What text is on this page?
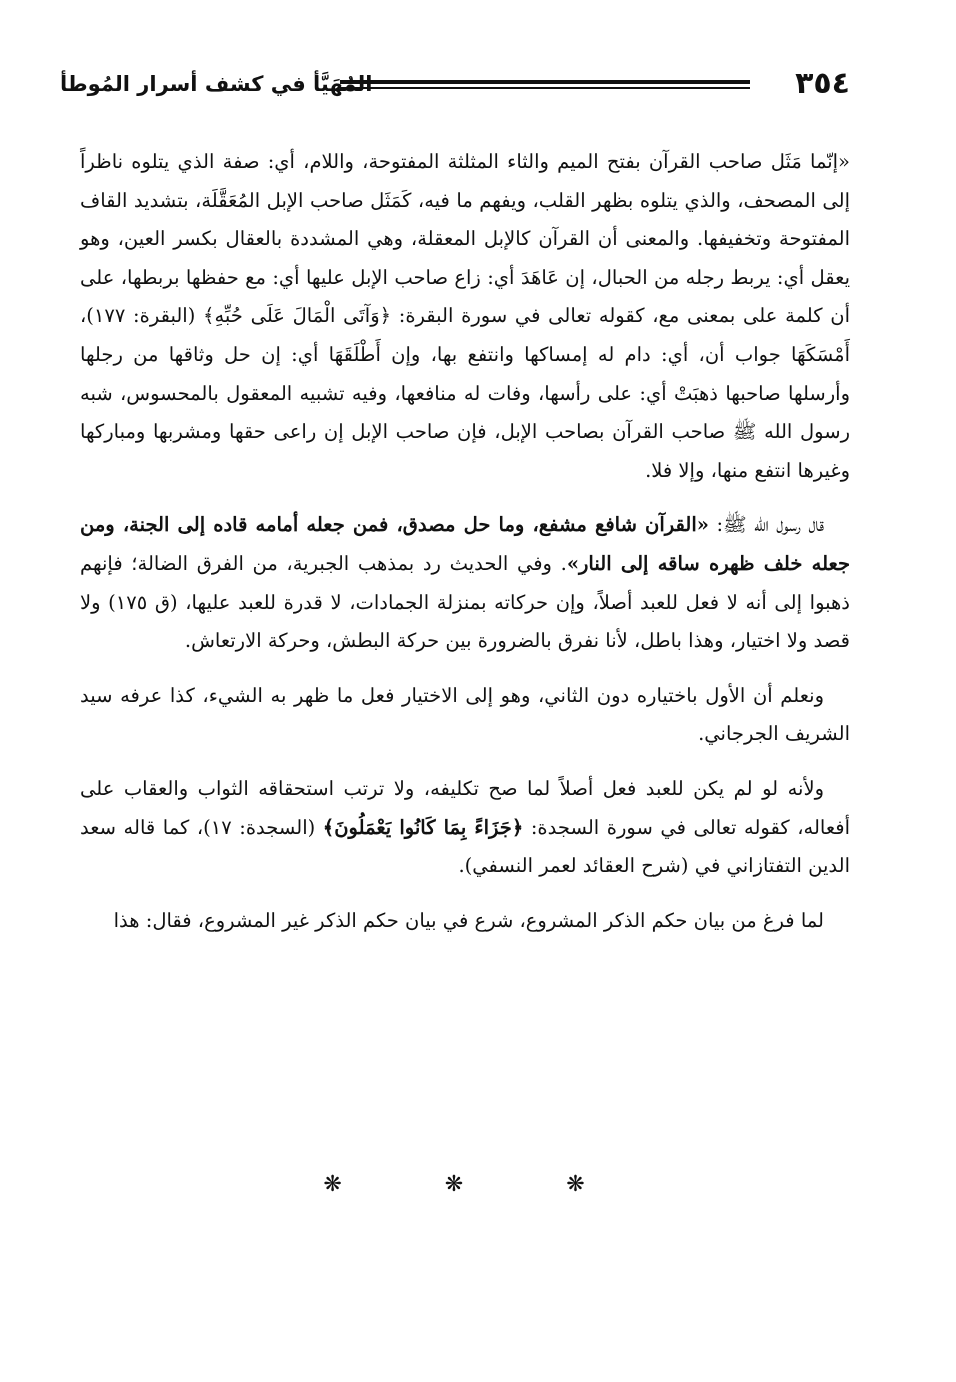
٣٥٤
المُهَيَّأ في كشف أسرار المُوطأ

«إنّما مَثَل صاحب القرآن بفتح الميم والثاء المثلثة المفتوحة، واللام، أي: صفة الذي يتلوه ناظراً إلى المصحف، والذي يتلوه بظهر القلب، ويفهم ما فيه، كَمَثَل صاحب الإبل المُعَقَّلَة، بتشديد القاف المفتوحة وتخفيفها. والمعنى أن القرآن كالإبل المعقلة، وهي المشددة بالعقال بكسر العين، وهو يعقل أي: يربط رجله من الحبال، إن عَاهَدَ أي: زاع صاحب الإبل عليها أي: مع حفظها بربطها، على أن كلمة على بمعنى مع، كقوله تعالى في سورة البقرة: ﴿وَآتَى الْمَالَ عَلَى حُبِّهِ﴾ (البقرة: ١٧٧)، أَمْسَكَهَا جواب أن، أي: دام له إمساكها وانتفع بها، وإن أَطْلَقَهَا أي: إن حل وثاقها من رجلها وأرسلها صاحبها ذهبَتْ أي: على رأسها، وفات له منافعها، وفيه تشبيه المعقول بالمحسوس، شبه رسول الله ﷺ صاحب القرآن بصاحب الإبل، فإن صاحب الإبل إن راعى حقها ومشربها ومباركها وغيرها انتفع منها، وإلا فلا.

قال رسول الله ﷺ: «القرآن شافع مشفع، وما حل مصدق، فمن جعله أمامه قاده إلى الجنة، ومن جعله خلف ظهره ساقه إلى النار». وفي الحديث رد بمذهب الجبرية، من الفرق الضالة؛ فإنهم ذهبوا إلى أنه لا فعل للعبد أصلاً، وإن حركاته بمنزلة الجمادات، لا قدرة للعبد عليها، (ق ١٧٥) ولا قصد ولا اختيار، وهذا باطل، لأنا نفرق بالضرورة بين حركة البطش، وحركة الارتعاش.

ونعلم أن الأول باختياره دون الثاني، وهو إلى الاختيار فعل ما ظهر به الشيء، كذا عرفه سيد الشريف الجرجاني.

ولأنه لو لم يكن للعبد فعل أصلاً لما صح تكليفه، ولا ترتب استحقاقه الثواب والعقاب على أفعاله، كقوله تعالى في سورة السجدة: ﴿جَزَاءً بِمَا كَانُوا يَعْمَلُونَ﴾ (السجدة: ١٧)، كما قاله سعد الدين التفتازاني في (شرح العقائد لعمر النسفي).

لما فرغ من بيان حكم الذكر المشروع، شرع في بيان حكم الذكر غير المشروع، فقال: هذا

❋ ❋ ❋
